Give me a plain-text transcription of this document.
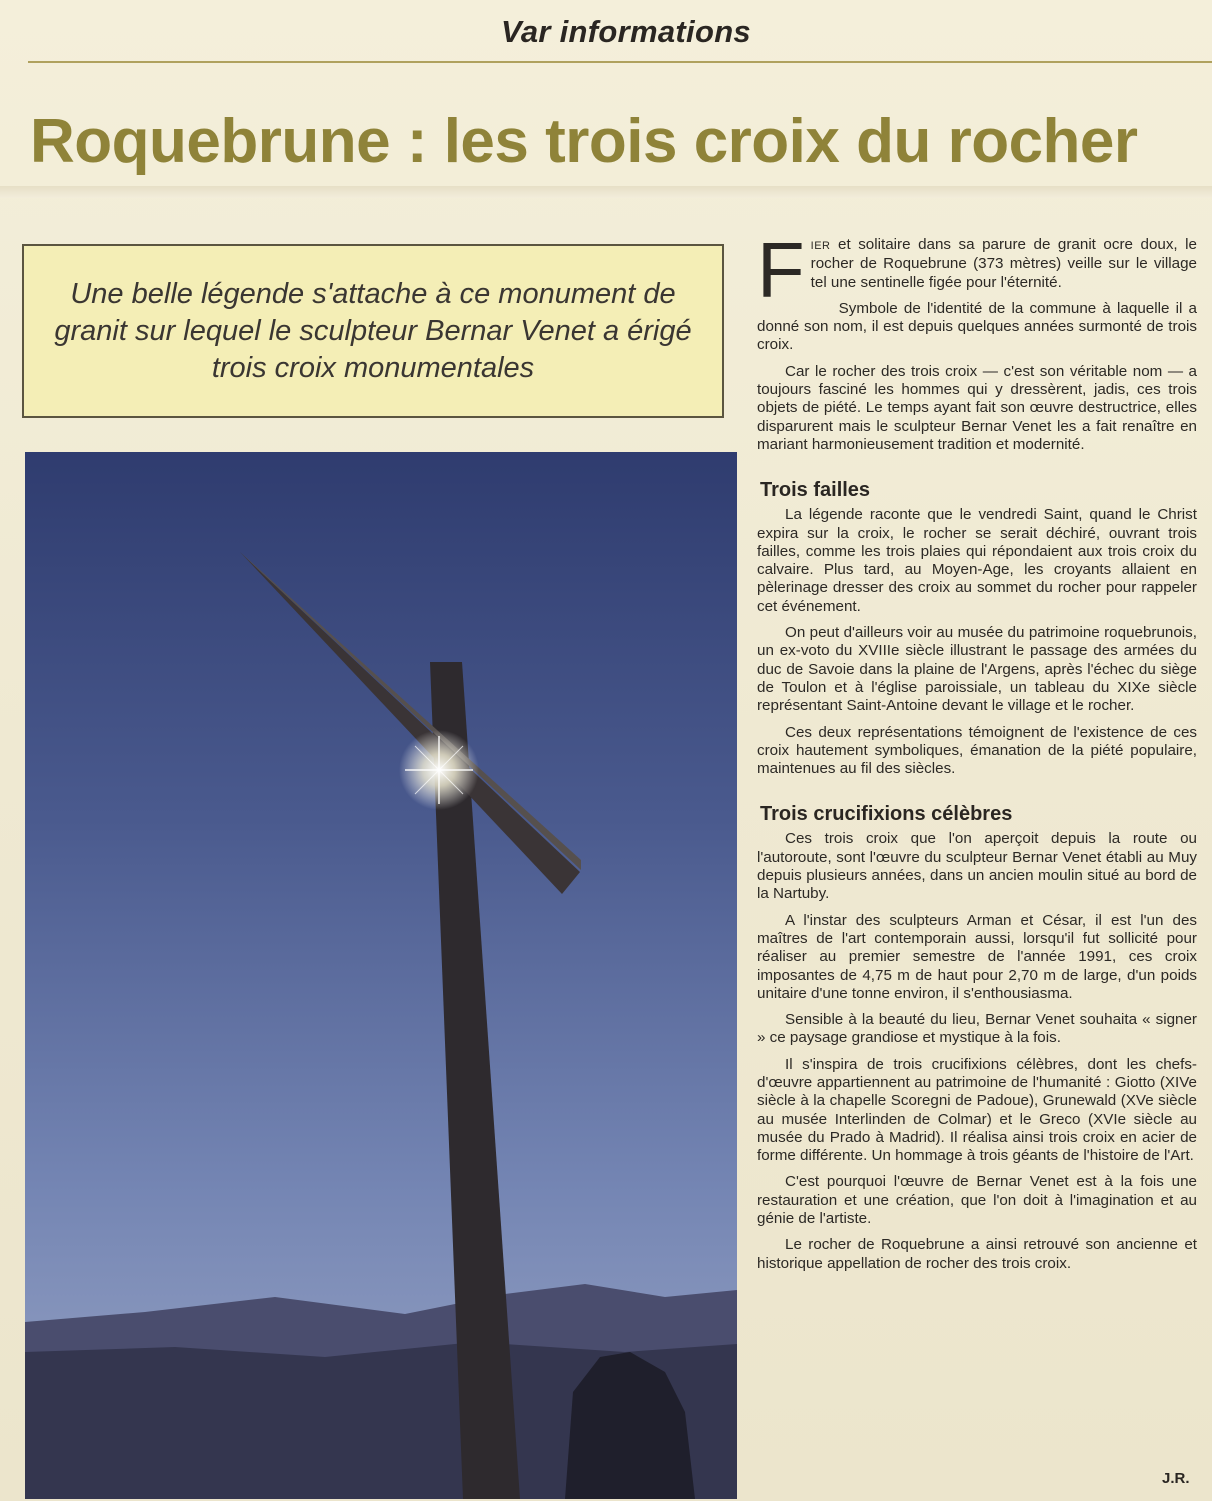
Var informations
Roquebrune : les trois croix du rocher
Une belle légende s'attache à ce monument de granit sur lequel le sculpteur Bernar Venet a érigé trois croix monumentales

FIER et solitaire dans sa parure de granit ocre doux, le rocher de Roquebrune (373 mètres) veille sur le village tel une sentinelle figée pour l'éternité.

Symbole de l'identité de la commune à laquelle il a donné son nom, il est depuis quelques années surmonté de trois croix.

Car le rocher des trois croix — c'est son véritable nom — a toujours fasciné les hommes qui y dressèrent, jadis, ces trois objets de piété. Le temps ayant fait son œuvre destructrice, elles disparurent mais le sculpteur Bernar Venet les a fait renaître en mariant harmonieusement tradition et modernité.

Trois failles

La légende raconte que le vendredi Saint, quand le Christ expira sur la croix, le rocher se serait déchiré, ouvrant trois failles, comme les trois plaies qui répondaient aux trois croix du calvaire. Plus tard, au Moyen-Age, les croyants allaient en pèlerinage dresser des croix au sommet du rocher pour rappeler cet événement.

On peut d'ailleurs voir au musée du patrimoine roquebrunois, un ex-voto du XVIIIe siècle illustrant le passage des armées du duc de Savoie dans la plaine de l'Argens, après l'échec du siège de Toulon et à l'église paroissiale, un tableau du XIXe siècle représentant Saint-Antoine devant le village et le rocher.

Ces deux représentations témoignent de l'existence de ces croix hautement symboliques, émanation de la piété populaire, maintenues au fil des siècles.

Trois crucifixions célèbres

Ces trois croix que l'on aperçoit depuis la route ou l'autoroute, sont l'œuvre du sculpteur Bernar Venet établi au Muy depuis plusieurs années, dans un ancien moulin situé au bord de la Nartuby.

A l'instar des sculpteurs Arman et César, il est l'un des maîtres de l'art contemporain aussi, lorsqu'il fut sollicité pour réaliser au premier semestre de l'année 1991, ces croix imposantes de 4,75 m de haut pour 2,70 m de large, d'un poids unitaire d'une tonne environ, il s'enthousiasma.

Sensible à la beauté du lieu, Bernar Venet souhaita « signer » ce paysage grandiose et mystique à la fois.

Il s'inspira de trois crucifixions célèbres, dont les chefs-d'œuvre appartiennent au patrimoine de l'humanité : Giotto (XIVe siècle à la chapelle Scoregni de Padoue), Grunewald (XVe siècle au musée Interlinden de Colmar) et le Greco (XVIe siècle au musée du Prado à Madrid). Il réalisa ainsi trois croix en acier de forme différente. Un hommage à trois géants de l'histoire de l'Art.

C'est pourquoi l'œuvre de Bernar Venet est à la fois une restauration et une création, que l'on doit à l'imagination et au génie de l'artiste.

Le rocher de Roquebrune a ainsi retrouvé son ancienne et historique appellation de rocher des trois croix.

J.R.
